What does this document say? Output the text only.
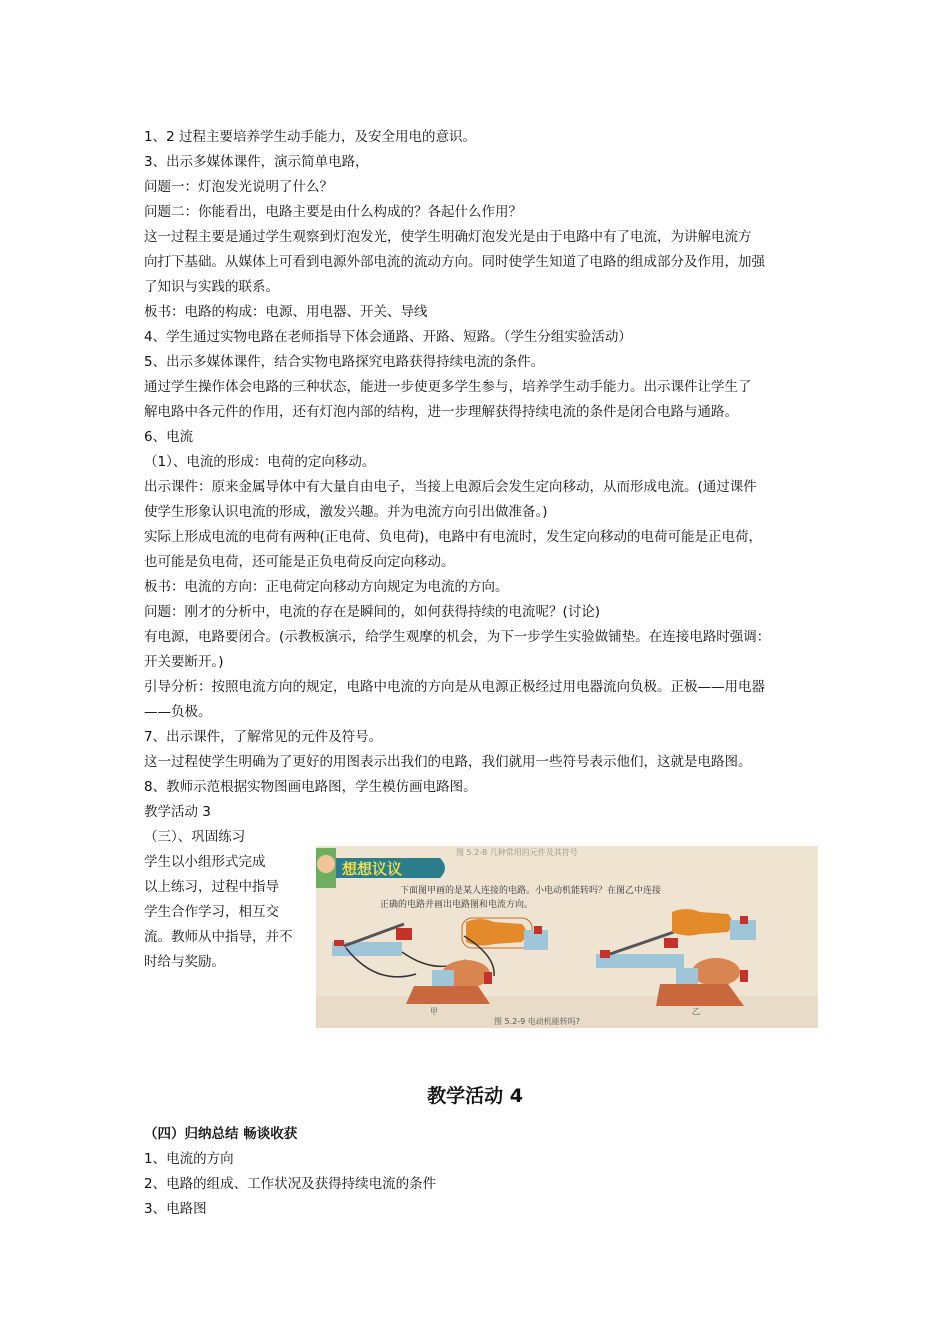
1、2 过程主要培养学生动手能力，及安全用电的意识。
3、出示多媒体课件，演示简单电路，
问题一：灯泡发光说明了什么？
问题二：你能看出，电路主要是由什么构成的？各起什么作用？
这一过程主要是通过学生观察到灯泡发光，使学生明确灯泡发光是由于电路中有了电流，为讲解电流方
向打下基础。从媒体上可看到电源外部电流的流动方向。同时使学生知道了电路的组成部分及作用，加强
了知识与实践的联系。
板书：电路的构成：电源、用电器、开关、导线
4、学生通过实物电路在老师指导下体会通路、开路、短路。（学生分组实验活动）
5、出示多媒体课件，结合实物电路探究电路获得持续电流的条件。
通过学生操作体会电路的三种状态，能进一步使更多学生参与，培养学生动手能力。出示课件让学生了
解电路中各元件的作用，还有灯泡内部的结构，进一步理解获得持续电流的条件是闭合电路与通路。
6、电流
（1）、电流的形成：电荷的定向移动。
出示课件：原来金属导体中有大量自由电子，当接上电源后会发生定向移动，从而形成电流。(通过课件
使学生形象认识电流的形成，激发兴趣。并为电流方向引出做准备。)
实际上形成电流的电荷有两种(正电荷、负电荷)，电路中有电流时，发生定向移动的电荷可能是正电荷，
也可能是负电荷，还可能是正负电荷反向定向移动。
板书：电流的方向：正电荷定向移动方向规定为电流的方向。
问题：刚才的分析中，电流的存在是瞬间的，如何获得持续的电流呢？(讨论)
有电源，电路要闭合。(示教板演示，给学生观摩的机会，为下一步学生实验做铺垫。在连接电路时强调：
开关要断开。)
引导分析：按照电流方向的规定，电路中电流的方向是从电源正极经过用电器流向负极。正极——用电器
——负极。
7、出示课件，了解常见的元件及符号。
这一过程使学生明确为了更好的用图表示出我们的电路，我们就用一些符号表示他们，这就是电路图。
8、教师示范根据实物图画电路图，学生模仿画电路图。
教学活动 3
（三）、巩固练习
学生以小组形式完成
以上练习，过程中指导
学生合作学习，相互交
流。教师从中指导，并不
时给与奖励。
图 5.2-8 几种常用的元件及其符号
想想议议
下面图甲画的是某人连接的电路。小电动机能转吗？在图乙中连接
正确的电路并画出电路图和电流方向。
甲	乙
图 5.2-9 电动机能转吗?
教学活动 4
（四）归纳总结 畅谈收获
1、电流的方向
2、电路的组成、工作状况及获得持续电流的条件
3、电路图
